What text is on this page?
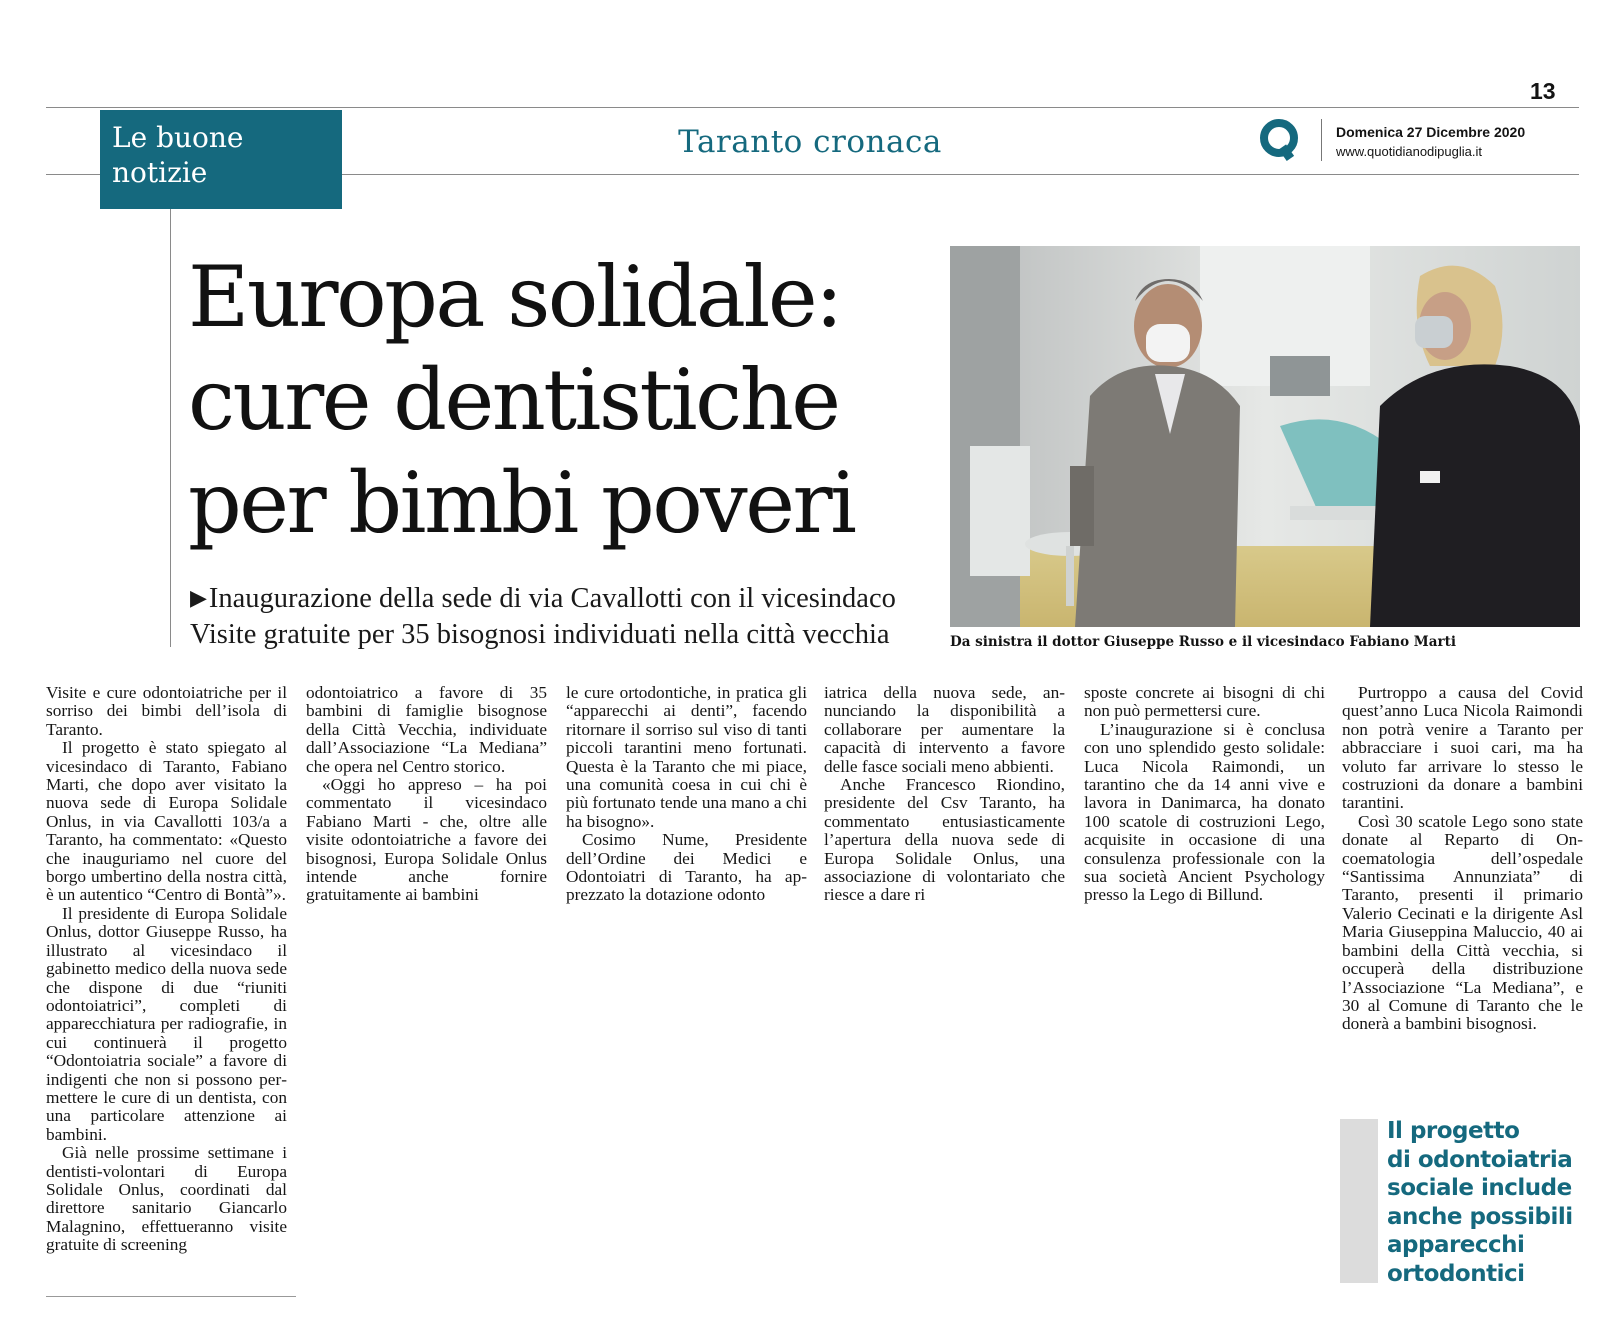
13
Le buone
notizie
Taranto cronaca
Q
Domenica 27 Dicembre 2020
www.quotidianodipuglia.it
Europa solidale:
cure dentistiche
per bimbi poveri
▶Inaugurazione della sede di via Cavallotti con il vicesindaco
Visite gratuite per 35 bisognosi individuati nella città vecchia	Da sinistra il dottor Giuseppe Russo e il vicesindaco Fabiano Marti

Visite e cure odontoiatriche per il sorriso dei bimbi dell’isola di Taranto.

Il progetto è stato spiegato al vicesindaco di Taranto, Fabiano Marti, che dopo aver visitato la nuova sede di Europa Solidale Onlus, in via Cavallotti 103/a a Taranto, ha commentato: «Questo che inauguriamo nel cuore del borgo umbertino della nostra città, è un autentico “Centro di Bontà”».

Il presidente di Europa Solidale Onlus, dottor Giuseppe Russo, ha illustrato al vicesindaco il gabinetto medico della nuova sede che dispone di due “riuniti odontoiatrici”, completi di apparecchiatura per radiografie, in cui continuerà il progetto “Odontoiatria sociale” a favore di indigenti che non si possono permettere le cure di un dentista, con una particolare attenzione ai bambini.

Già nelle prossime settimane i dentisti-volontari di Europa Solidale Onlus, coordinati dal direttore sanitario Giancarlo Malagnino, effettueranno visite gratuite di screening

odontoiatrico a favore di 35 bambini di famiglie bisognose della Città Vecchia, individuate dall’Associazione “La Mediana” che opera nel Centro storico.

«Oggi ho appreso – ha poi commentato il vicesindaco Fabiano Marti - che, oltre alle visite odontoiatriche a favore dei bisognosi, Europa Solidale Onlus intende anche fornire gratuitamente ai bambini

le cure ortodontiche, in pratica gli “apparecchi ai denti”, facendo ritornare il sorriso sul viso di tanti piccoli tarantini meno fortunati. Questa è la Taranto che mi piace, una comunità coesa in cui chi è più fortunato tende una mano a chi ha bisogno».

Cosimo Nume, Presidente dell’Ordine dei Medici e Odontoiatri di Taranto, ha apprezzato la dotazione odonto

iatrica della nuova sede, annunciando la disponibilità a collaborare per aumentare la capacità di intervento a favore delle fasce sociali meno abbienti.

Anche Francesco Riondino, presidente del Csv Taranto, ha commentato entusiasticamente l’apertura della nuova sede di Europa Solidale Onlus, una associazione di volontariato che riesce a dare ri

sposte concrete ai bisogni di chi non può permettersi cure.

L’inaugurazione si è conclusa con uno splendido gesto solidale: Luca Nicola Raimondi, un tarantino che da 14 anni vive e lavora in Danimarca, ha donato 100 scatole di costruzioni Lego, acquisite in occasione di una consulenza professionale con la sua società Ancient Psychology presso la Lego di Billund.

Purtroppo a causa del Covid quest’anno Luca Nicola Raimondi non potrà venire a Taranto per abbracciare i suoi cari, ma ha voluto far arrivare lo stesso le costruzioni da donare a bambini tarantini.

Così 30 scatole Lego sono state donate al Reparto di Oncoematologia dell’ospedale “Santissima Annunziata” di Taranto, presenti il primario Valerio Cecinati e la dirigente Asl Maria Giuseppina Maluccio, 40 ai bambini della Città vecchia, si occuperà della distribuzione l’Associazione “La Mediana”, e 30 al Comune di Taranto che le donerà a bambini bisognosi.

Il progetto
di odontoiatria
sociale include
anche possibili
apparecchi
ortodontici
